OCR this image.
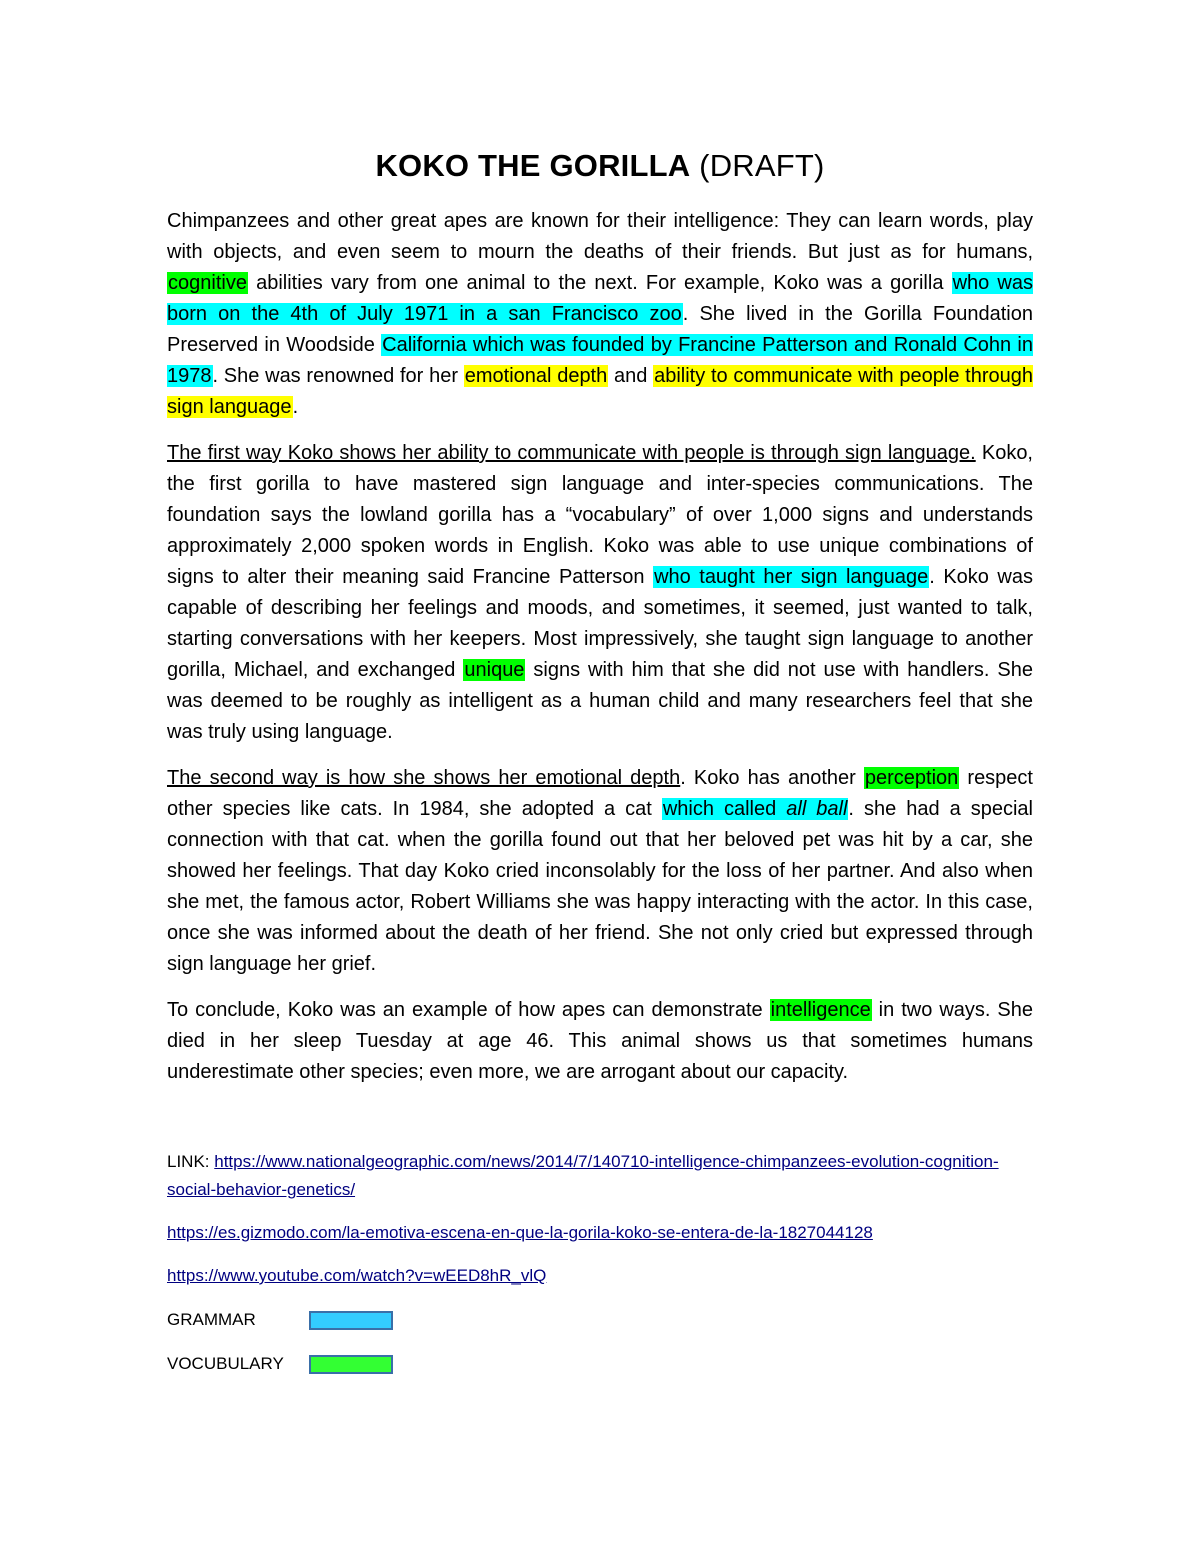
KOKO THE GORILLA (DRAFT)

Chimpanzees and other great apes are known for their intelligence: They can learn words, play with objects, and even seem to mourn the deaths of their friends. But just as for humans, cognitive abilities vary from one animal to the next. For example, Koko was a gorilla who was born on the 4th of July 1971 in a san Francisco zoo. She lived in the Gorilla Foundation Preserved in Woodside California which was founded by Francine Patterson and Ronald Cohn in 1978. She was renowned for her emotional depth and ability to communicate with people through sign language.

The first way Koko shows her ability to communicate with people is through sign language. Koko, the first gorilla to have mastered sign language and inter-species communications. The foundation says the lowland gorilla has a “vocabulary” of over 1,000 signs and understands approximately 2,000 spoken words in English. Koko was able to use unique combinations of signs to alter their meaning said Francine Patterson who taught her sign language. Koko was capable of describing her feelings and moods, and sometimes, it seemed, just wanted to talk, starting conversations with her keepers. Most impressively, she taught sign language to another gorilla, Michael, and exchanged unique signs with him that she did not use with handlers. She was deemed to be roughly as intelligent as a human child and many researchers feel that she was truly using language.

The second way is how she shows her emotional depth. Koko has another perception respect other species like cats. In 1984, she adopted a cat which called all ball. she had a special connection with that cat. when the gorilla found out that her beloved pet was hit by a car, she showed her feelings. That day Koko cried inconsolably for the loss of her partner. And also when she met, the famous actor, Robert Williams she was happy interacting with the actor. In this case, once she was informed about the death of her friend. She not only cried but expressed through sign language her grief.

To conclude, Koko was an example of how apes can demonstrate intelligence in two ways. She died in her sleep Tuesday at age 46. This animal shows us that sometimes humans underestimate other species; even more, we are arrogant about our capacity.

LINK: https://www.nationalgeographic.com/news/2014/7/140710-intelligence-chimpanzees-evolution-cognition-social-behavior-genetics/
https://es.gizmodo.com/la-emotiva-escena-en-que-la-gorila-koko-se-entera-de-la-1827044128
https://www.youtube.com/watch?v=wEED8hR_vlQ
GRAMMAR
VOCUBULARY
